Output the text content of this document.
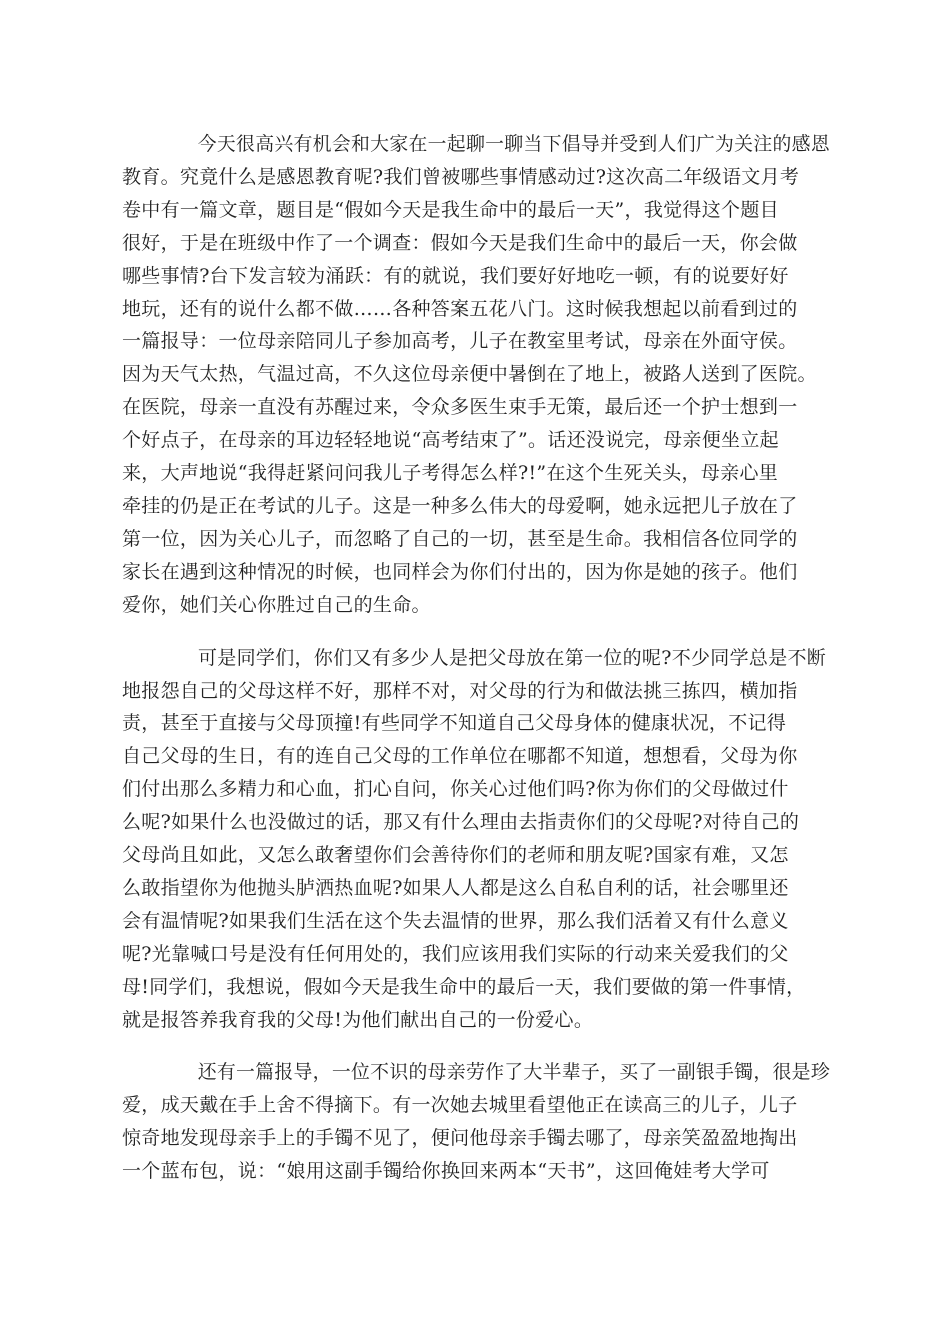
今天很高兴有机会和大家在一起聊一聊当下倡导并受到人们广为关注的感恩
教育。究竟什么是感恩教育呢?我们曾被哪些事情感动过?这次高二年级语文月考
卷中有一篇文章，题目是“假如今天是我生命中的最后一天”，我觉得这个题目
很好，于是在班级中作了一个调查：假如今天是我们生命中的最后一天，你会做
哪些事情?台下发言较为涌跃：有的就说，我们要好好地吃一顿，有的说要好好
地玩，还有的说什么都不做……各种答案五花八门。这时候我想起以前看到过的
一篇报导：一位母亲陪同儿子参加高考，儿子在教室里考试，母亲在外面守侯。
因为天气太热，气温过高，不久这位母亲便中暑倒在了地上，被路人送到了医院。
在医院，母亲一直没有苏醒过来，令众多医生束手无策，最后还一个护士想到一
个好点子，在母亲的耳边轻轻地说“高考结束了”。话还没说完，母亲便坐立起
来，大声地说“我得赶紧问问我儿子考得怎么样?!”在这个生死关头，母亲心里
牵挂的仍是正在考试的儿子。这是一种多么伟大的母爱啊，她永远把儿子放在了
第一位，因为关心儿子，而忽略了自己的一切，甚至是生命。我相信各位同学的
家长在遇到这种情况的时候，也同样会为你们付出的，因为你是她的孩子。他们
爱你，她们关心你胜过自己的生命。

可是同学们，你们又有多少人是把父母放在第一位的呢?不少同学总是不断
地报怨自己的父母这样不好，那样不对，对父母的行为和做法挑三拣四，横加指
责，甚至于直接与父母顶撞!有些同学不知道自己父母身体的健康状况，不记得
自己父母的生日，有的连自己父母的工作单位在哪都不知道，想想看，父母为你
们付出那么多精力和心血，扪心自问，你关心过他们吗?你为你们的父母做过什
么呢?如果什么也没做过的话，那又有什么理由去指责你们的父母呢?对待自己的
父母尚且如此，又怎么敢奢望你们会善待你们的老师和朋友呢?国家有难，又怎
么敢指望你为他抛头胪洒热血呢?如果人人都是这么自私自利的话，社会哪里还
会有温情呢?如果我们生活在这个失去温情的世界，那么我们活着又有什么意义
呢?光靠喊口号是没有任何用处的，我们应该用我们实际的行动来关爱我们的父
母!同学们，我想说，假如今天是我生命中的最后一天，我们要做的第一件事情，
就是报答养我育我的父母!为他们献出自己的一份爱心。

还有一篇报导，一位不识的母亲劳作了大半辈子，买了一副银手镯，很是珍
爱，成天戴在手上舍不得摘下。有一次她去城里看望他正在读高三的儿子，儿子
惊奇地发现母亲手上的手镯不见了，便问他母亲手镯去哪了，母亲笑盈盈地掏出
一个蓝布包，说：“娘用这副手镯给你换回来两本“天书”，这回俺娃考大学可
